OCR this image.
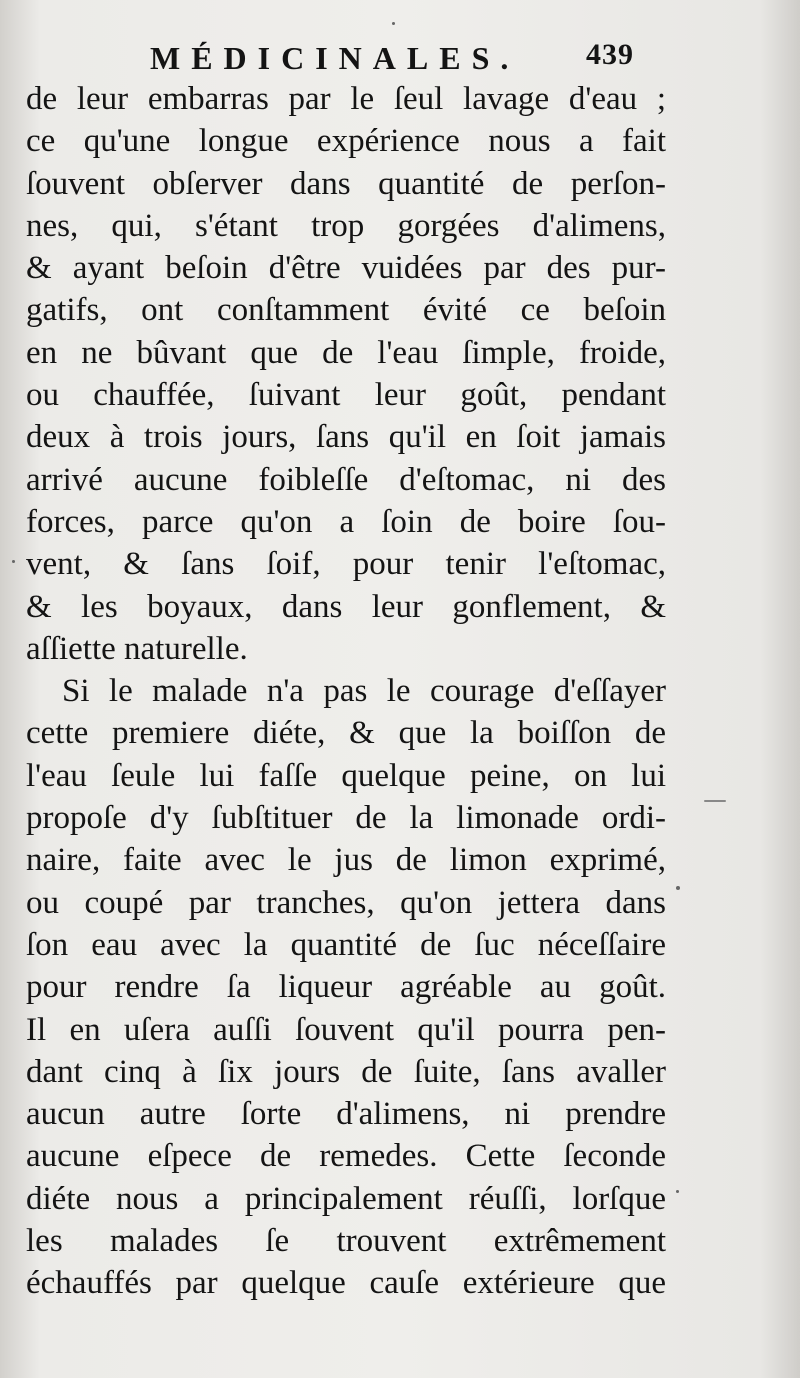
MÉDICINALES. 439
de leur embarras par le ſeul lavage d'eau ;
ce qu'une longue expérience nous a fait
ſouvent obſerver dans quantité de perſon-
nes, qui, s'étant trop gorgées d'alimens,
& ayant beſoin d'être vuidées par des pur-
gatifs, ont conſtamment évité ce beſoin
en ne bûvant que de l'eau ſimple, froide,
ou chauffée, ſuivant leur goût, pendant
deux à trois jours, ſans qu'il en ſoit jamais
arrivé aucune foibleſſe d'eſtomac, ni des
forces, parce qu'on a ſoin de boire ſou-
vent, & ſans ſoif, pour tenir l'eſtomac,
& les boyaux, dans leur gonflement, &
aſſiette naturelle.
Si le malade n'a pas le courage d'eſſayer
cette premiere diéte, & que la boiſſon de
l'eau ſeule lui faſſe quelque peine, on lui
propoſe d'y ſubſtituer de la limonade ordi-
naire, faite avec le jus de limon exprimé,
ou coupé par tranches, qu'on jettera dans
ſon eau avec la quantité de ſuc néceſſaire
pour rendre ſa liqueur agréable au goût.
Il en uſera auſſi ſouvent qu'il pourra pen-
dant cinq à ſix jours de ſuite, ſans avaller
aucun autre ſorte d'alimens, ni prendre
aucune eſpece de remedes. Cette ſeconde
diéte nous a principalement réuſſi, lorſque
les malades ſe trouvent extrêmement
échauffés par quelque cauſe extérieure que
